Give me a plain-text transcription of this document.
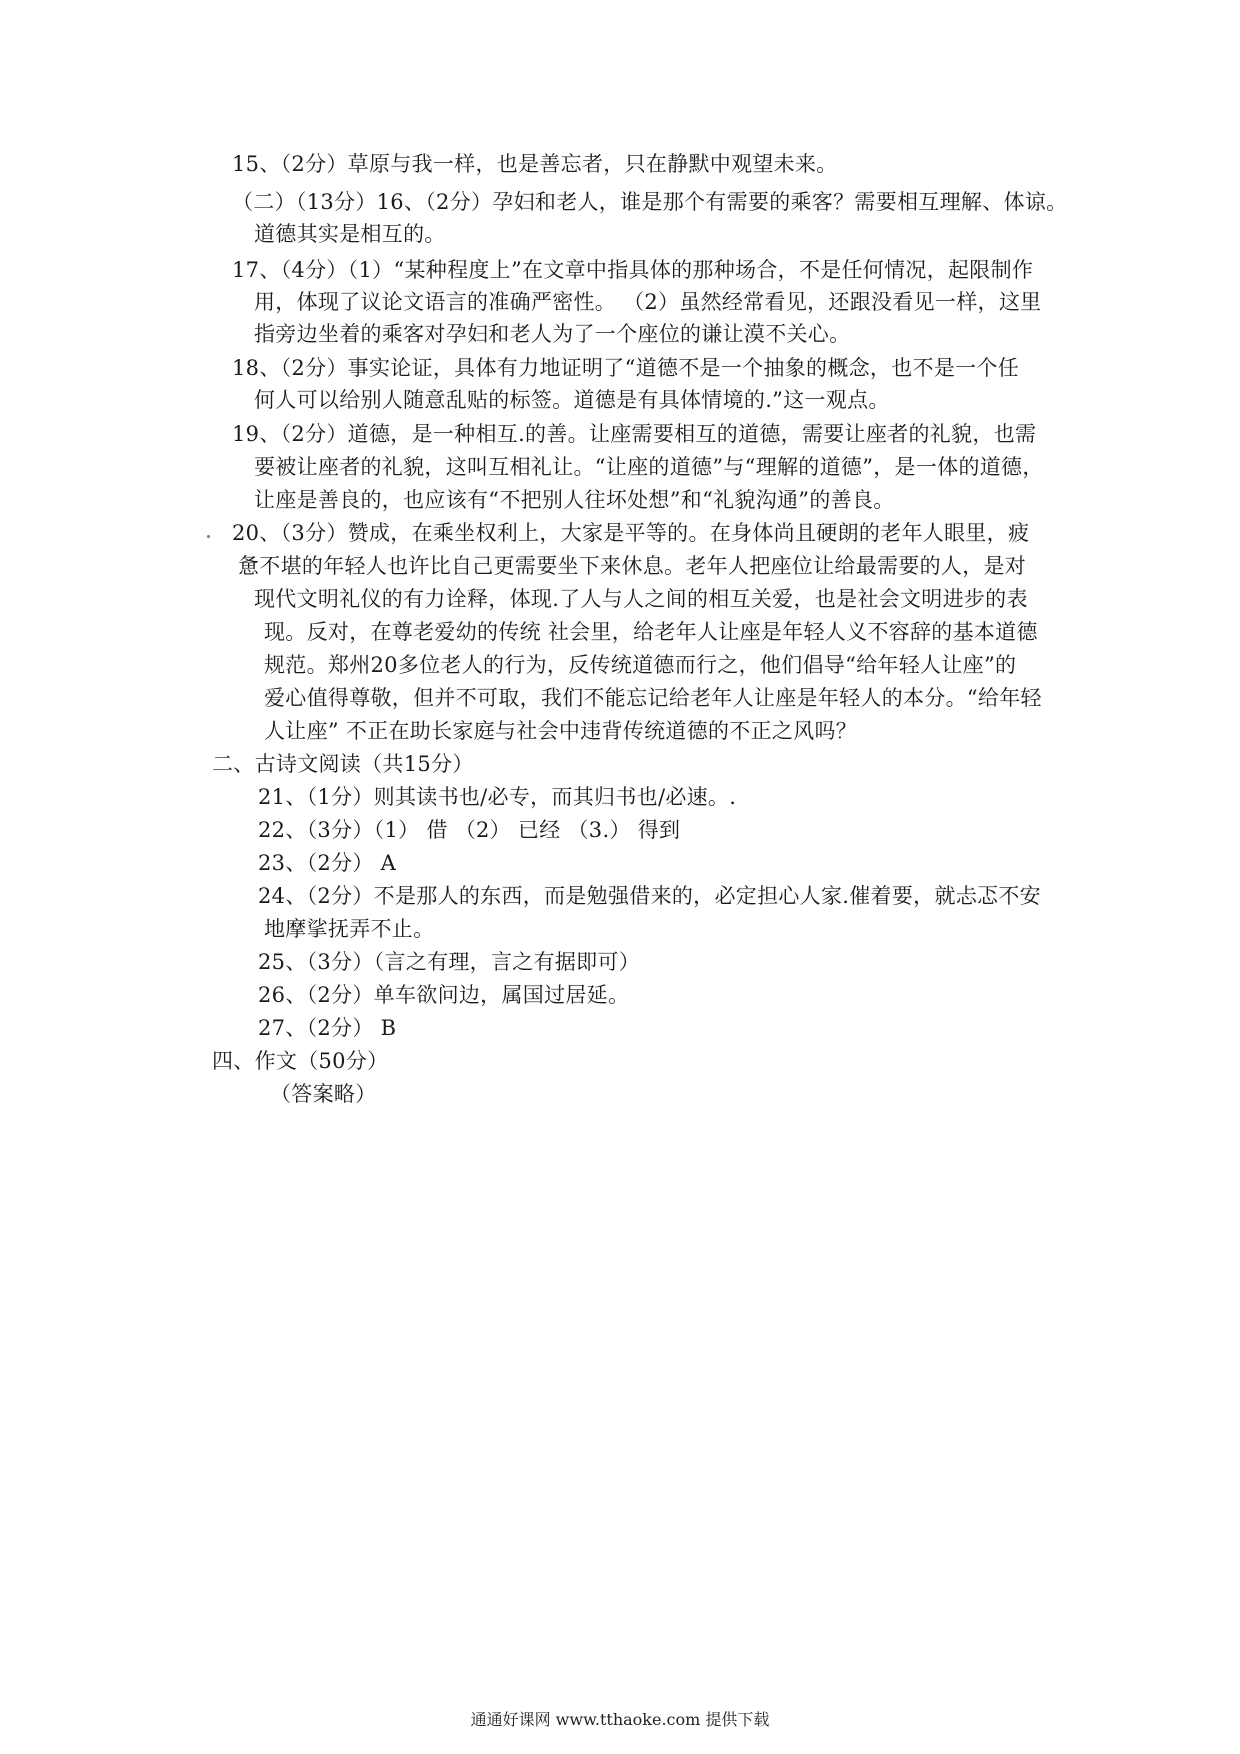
15、（2分）草原与我一样，也是善忘者，只在静默中观望未来。
（二）（13分）16、（2分）孕妇和老人，谁是那个有需要的乘客？需要相互理解、体谅。
道德其实是相互的。
17、（4分）（1）“某种程度上”在文章中指具体的那种场合，不是任何情况，起限制作
用，体现了议论文语言的准确严密性。 （2）虽然经常看见，还跟没看见一样，这里
指旁边坐着的乘客对孕妇和老人为了一个座位的谦让漠不关心。
18、（2分）事实论证，具体有力地证明了“道德不是一个抽象的概念，也不是一个任
何人可以给别人随意乱贴的标签。道德是有具体情境的.”这一观点。
19、（2分）道德，是一种相互.的善。让座需要相互的道德，需要让座者的礼貌，也需
要被让座者的礼貌，这叫互相礼让。“让座的道德”与“理解的道德”，是一体的道德，
让座是善良的，也应该有“不把别人往坏处想”和“礼貌沟通”的善良。
20、（3分）赞成，在乘坐权利上，大家是平等的。在身体尚且硬朗的老年人眼里，疲
惫不堪的年轻人也许比自己更需要坐下来休息。老年人把座位让给最需要的人，是对
现代文明礼仪的有力诠释，体现.了人与人之间的相互关爱，也是社会文明进步的表
现。反对，在尊老爱幼的传统 社会里，给老年人让座是年轻人义不容辞的基本道德
规范。郑州20多位老人的行为，反传统道德而行之，他们倡导“给年轻人让座”的
爱心值得尊敬，但并不可取，我们不能忘记给老年人让座是年轻人的本分。“给年轻
人让座” 不正在助长家庭与社会中违背传统道德的不正之风吗？
二、古诗文阅读（共15分）
21、（1分）则其读书也/必专，而其归书也/必速。.
22、（3分）（1） 借 （2） 已经 （3.） 得到
23、（2分） A
24、（2分）不是那人的东西，而是勉强借来的，必定担心人家.催着要，就忐忑不安
地摩挲抚弄不止。
25、（3分）（言之有理，言之有据即可）
26、（2分）单车欲问边，属国过居延。
27、（2分） B
四、作文（50分）
（答案略）
通通好课网 www.tthaoke.com 提供下载
